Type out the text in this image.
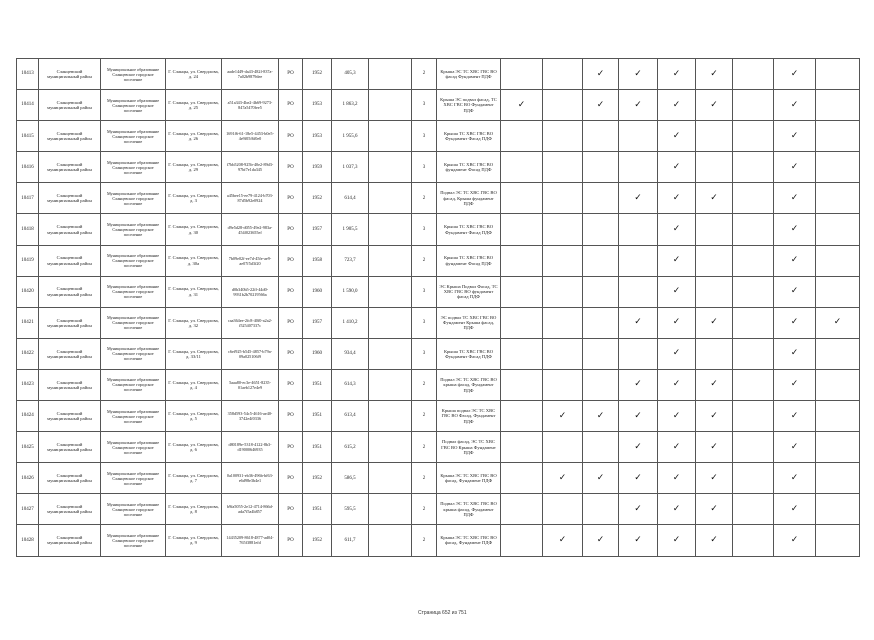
10413	Сланцевский муниципальный район	Муниципальное образование Сланцевское городское поселение	Г. Сланцы, ул. Свердлова, д. 24	aade1449-da43-482f-837a-7a02b9879dee	РО	1952	405,3		2	Крыша ЭС ТС ХВС ГВС ВО фасад Фундамент ПДФ			✓	✓	✓	✓		✓	
10414	Сланцевский муниципальный район	Муниципальное образование Сланцевское городское поселение	Г. Сланцы, ул. Свердлова, д. 25	a51a343-4be2-4b69-9273-847a5470fee5	РО	1953	1 863,2		3	Крыша ЭС подвал фасад, ТС ХВС ГВС ВО Фундамент ПДФ	✓		✓	✓	✓	✓		✓	
10415	Сланцевский муниципальный район	Муниципальное образование Сланцевское городское поселение	Г. Сланцы, ул. Свердлова, д. 26	1691f6-61-18e5-4453-b0e5-4e9f05f6f0e0	РО	1953	1 955,6		3	Крыша ТС ХВС ГВС ВО Фундамент Фасад ПДФ					✓			✓	
10416	Сланцевский муниципальный район	Муниципальное образование Сланцевское городское поселение	Г. Сланцы, ул. Свердлова, д. 29	f7bb5208-925b-40e2-89d3-97bf7e1da345	РО	1959	1 037,3		3	Крыша ТС ХВС ГВС ВО фундамент Фасад ПДФ					✓			✓	
10417	Сланцевский муниципальный район	Муниципальное образование Сланцевское городское поселение	Г. Сланцы, ул. Свердлова, д. 3	a45bee15-ee79-4124-b703-87d5b92e0924	РО	1952	614,4		2	Подвал ЭС ТС ХВС ГВС ВО фасад, Крыша фундамент ПДФ				✓	✓	✓		✓	
10418	Сланцевский муниципальный район	Муниципальное образование Сланцевское городское поселение	Г. Сланцы, ул. Свердлова, д. 30	d9e5d28-d055-49e2-983a-454f023655ef	РО	1957	1 905,5		3	Крыша ТС ХВС ГВС ВО Фундамент Фасад ПДФ					✓			✓	
10419	Сланцевский муниципальный район	Муниципальное образование Сланцевское городское поселение	Г. Сланцы, ул. Свердлова, д. 30а	7b09e02f-ee7d-45fe-ae9-ae07f5d3f20	РО	1958	723,7		2	Крыша ТС ХВС ГВС ВО фундамент Фасад ПДФ					✓			✓	
10420	Сланцевский муниципальный район	Муниципальное образование Сланцевское городское поселение	Г. Сланцы, ул. Свердлова, д. 31	d0b340b5-22ff-44d0-9931b2b70219566a	РО	1960	1 590,0		3	ЭС Крыша Подвал Фасад, ТС ХВС ГВС ВО фундамент фасад ПДФ					✓			✓	
10421	Сланцевский муниципальный район	Муниципальное образование Сланцевское городское поселение	Г. Сланцы, ул. Свердлова, д. 32	caa364ee-2fc8-40f0-a2a2-f525407337c	РО	1957	1 410,2		3	ЭС подвал ТС ХВС ГВС ВО Фундамент Крыша фасад, ПДФ				✓	✓	✓		✓	✓
10422	Сланцевский муниципальный район	Муниципальное образование Сланцевское городское поселение	Г. Сланцы, ул. Свердлова, д. 33/11	c6ef925-b545-4857-b79a-09a025106f9	РО	1960	934,4		3	Крыша ТС ХВС ГВС ВО Фундамент Фасад ПДФ					✓			✓	
10423	Сланцевский муниципальный район	Муниципальное образование Сланцевское городское поселение	Г. Сланцы, ул. Свердлова, д. 4	5aaa80-ec3e-4651-8235-01aeb127e4e9	РО	1951	614,3		2	Подвал ЭС ТС ХВС ГВС ВО крыша фасад, Фундамент ПДФ				✓	✓	✓		✓	
10424	Сланцевский муниципальный район	Муниципальное образование Сланцевское городское поселение	Г. Сланцы, ул. Свердлова, д. 5	358d593-54c5-4616-ae40-3742e4f0336	РО	1951	613,4		2	Крыша подвал ЭС ТС ХВС ГВС ВО Фасад, Фундамент ПДФ		✓	✓	✓	✓	✓		✓	
10425	Сланцевский муниципальный район	Муниципальное образование Сланцевское городское поселение	Г. Сланцы, ул. Свердлова, д. 6	d80189e-5318-4122-8b3-d19000646935	РО	1951	615,2		2	Подвал фасад, ЭС ТС ХВС ГВС ВО Крыша Фундамент ПДФ				✓	✓	✓		✓	
10426	Сланцевский муниципальный район	Муниципальное образование Сланцевское городское поселение	Г. Сланцы, ул. Свердлова, д. 7	0a100931-eb36-496b-bf63-e6d98e3b4e1	РО	1952	586,5		2	Крыша ЭС ТС ХВС ГВС ВО фасад, Фундамент ПДФ		✓	✓	✓	✓	✓		✓	
10427	Сланцевский муниципальный район	Муниципальное образование Сланцевское городское поселение	Г. Сланцы, ул. Свердлова, д. 8	b9fa5055-2e12-4714-866d-ada7f5a4b857	РО	1951	595,5		2	Подвал ЭС ТС ХВС ГВС ВО крыша фасад, Фундамент ПДФ				✓	✓	✓		✓	
10428	Сланцевский муниципальный район	Муниципальное образование Сланцевское городское поселение	Г. Сланцы, ул. Свердлова, д. 9	14435209-8618-4877-ad04-765f3881efd	РО	1952	611,7		2	Крыша ЭС ТС ХВС ГВС ВО фасад, Фундамент ПДФ		✓	✓	✓	✓	✓		✓	
Страница 652 из 751
